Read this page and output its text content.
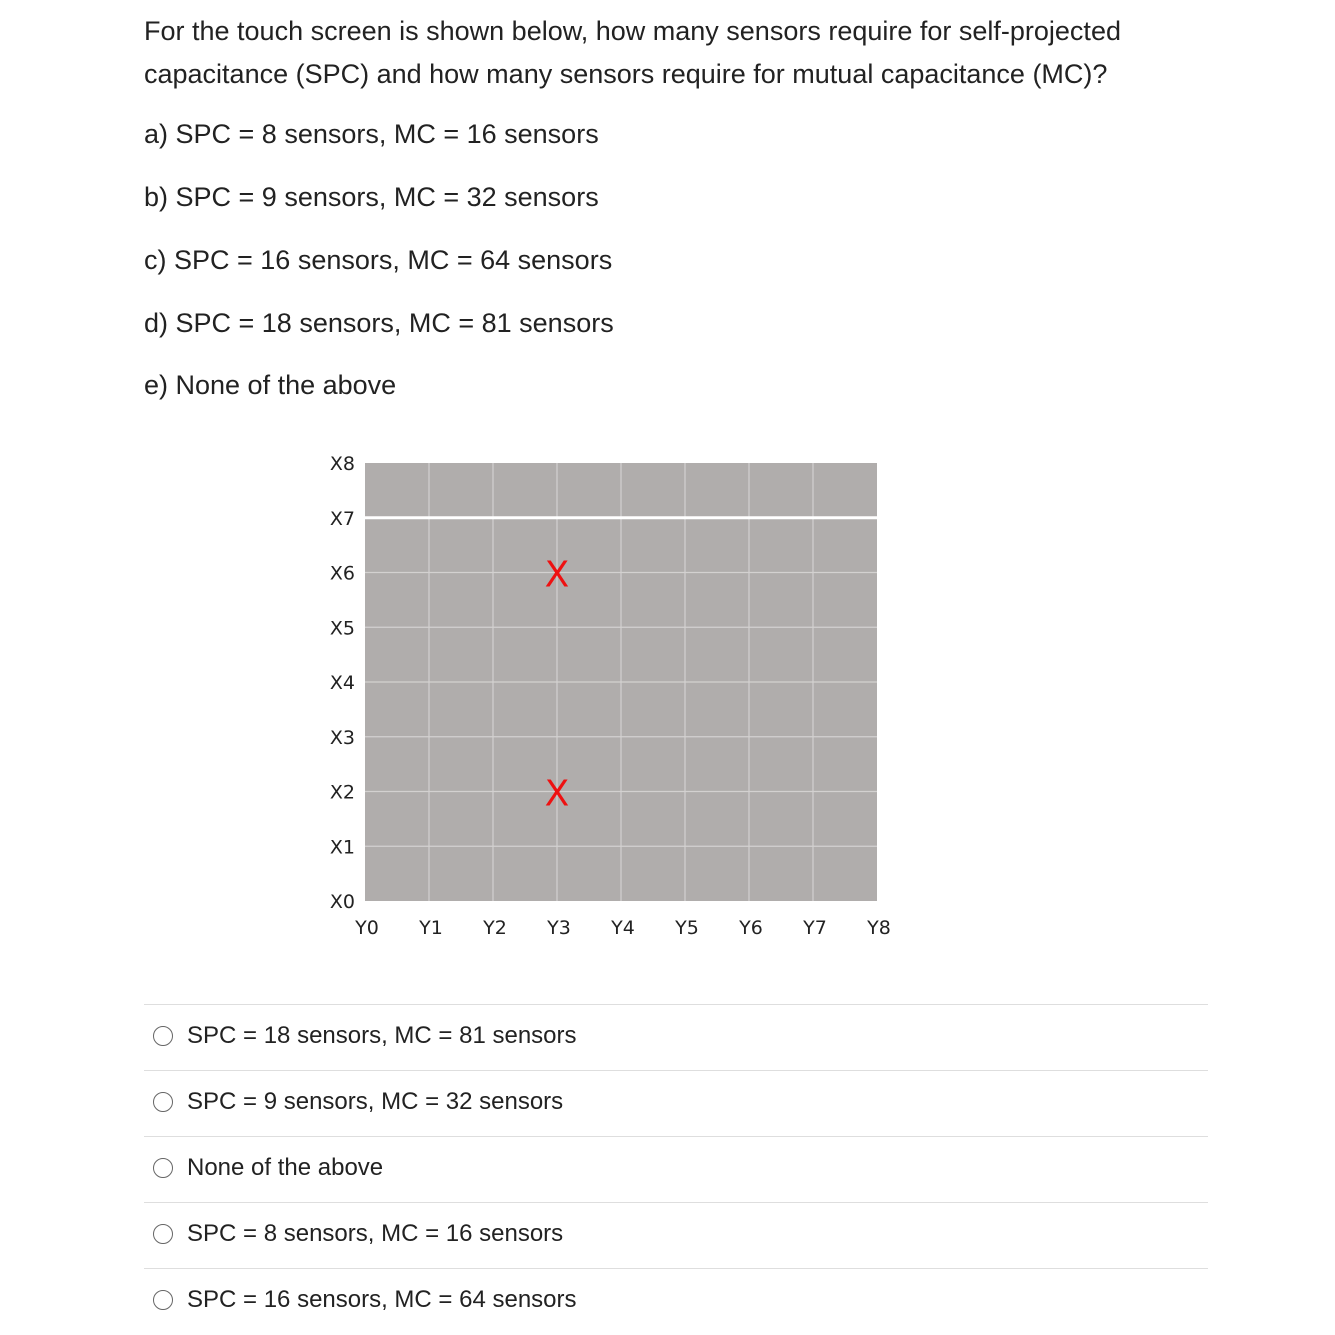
For the touch screen is shown below, how many sensors require for self-projected capacitance (SPC) and how many sensors require for mutual capacitance (MC)?

a) SPC = 8 sensors, MC = 16 sensors

b) SPC = 9 sensors, MC = 32 sensors

c) SPC = 16 sensors, MC = 64 sensors

d) SPC = 18 sensors, MC = 81 sensors

e) None of the above

X0
X1
X2
X3
X4
X5
X6
X7
X8
Y0 Y1 Y2 Y3 Y4 Y5 Y6 Y7 Y8
X
X
SPC = 18 sensors, MC = 81 sensors
SPC = 9 sensors, MC = 32 sensors
None of the above
SPC = 8 sensors, MC = 16 sensors
SPC = 16 sensors, MC = 64 sensors
